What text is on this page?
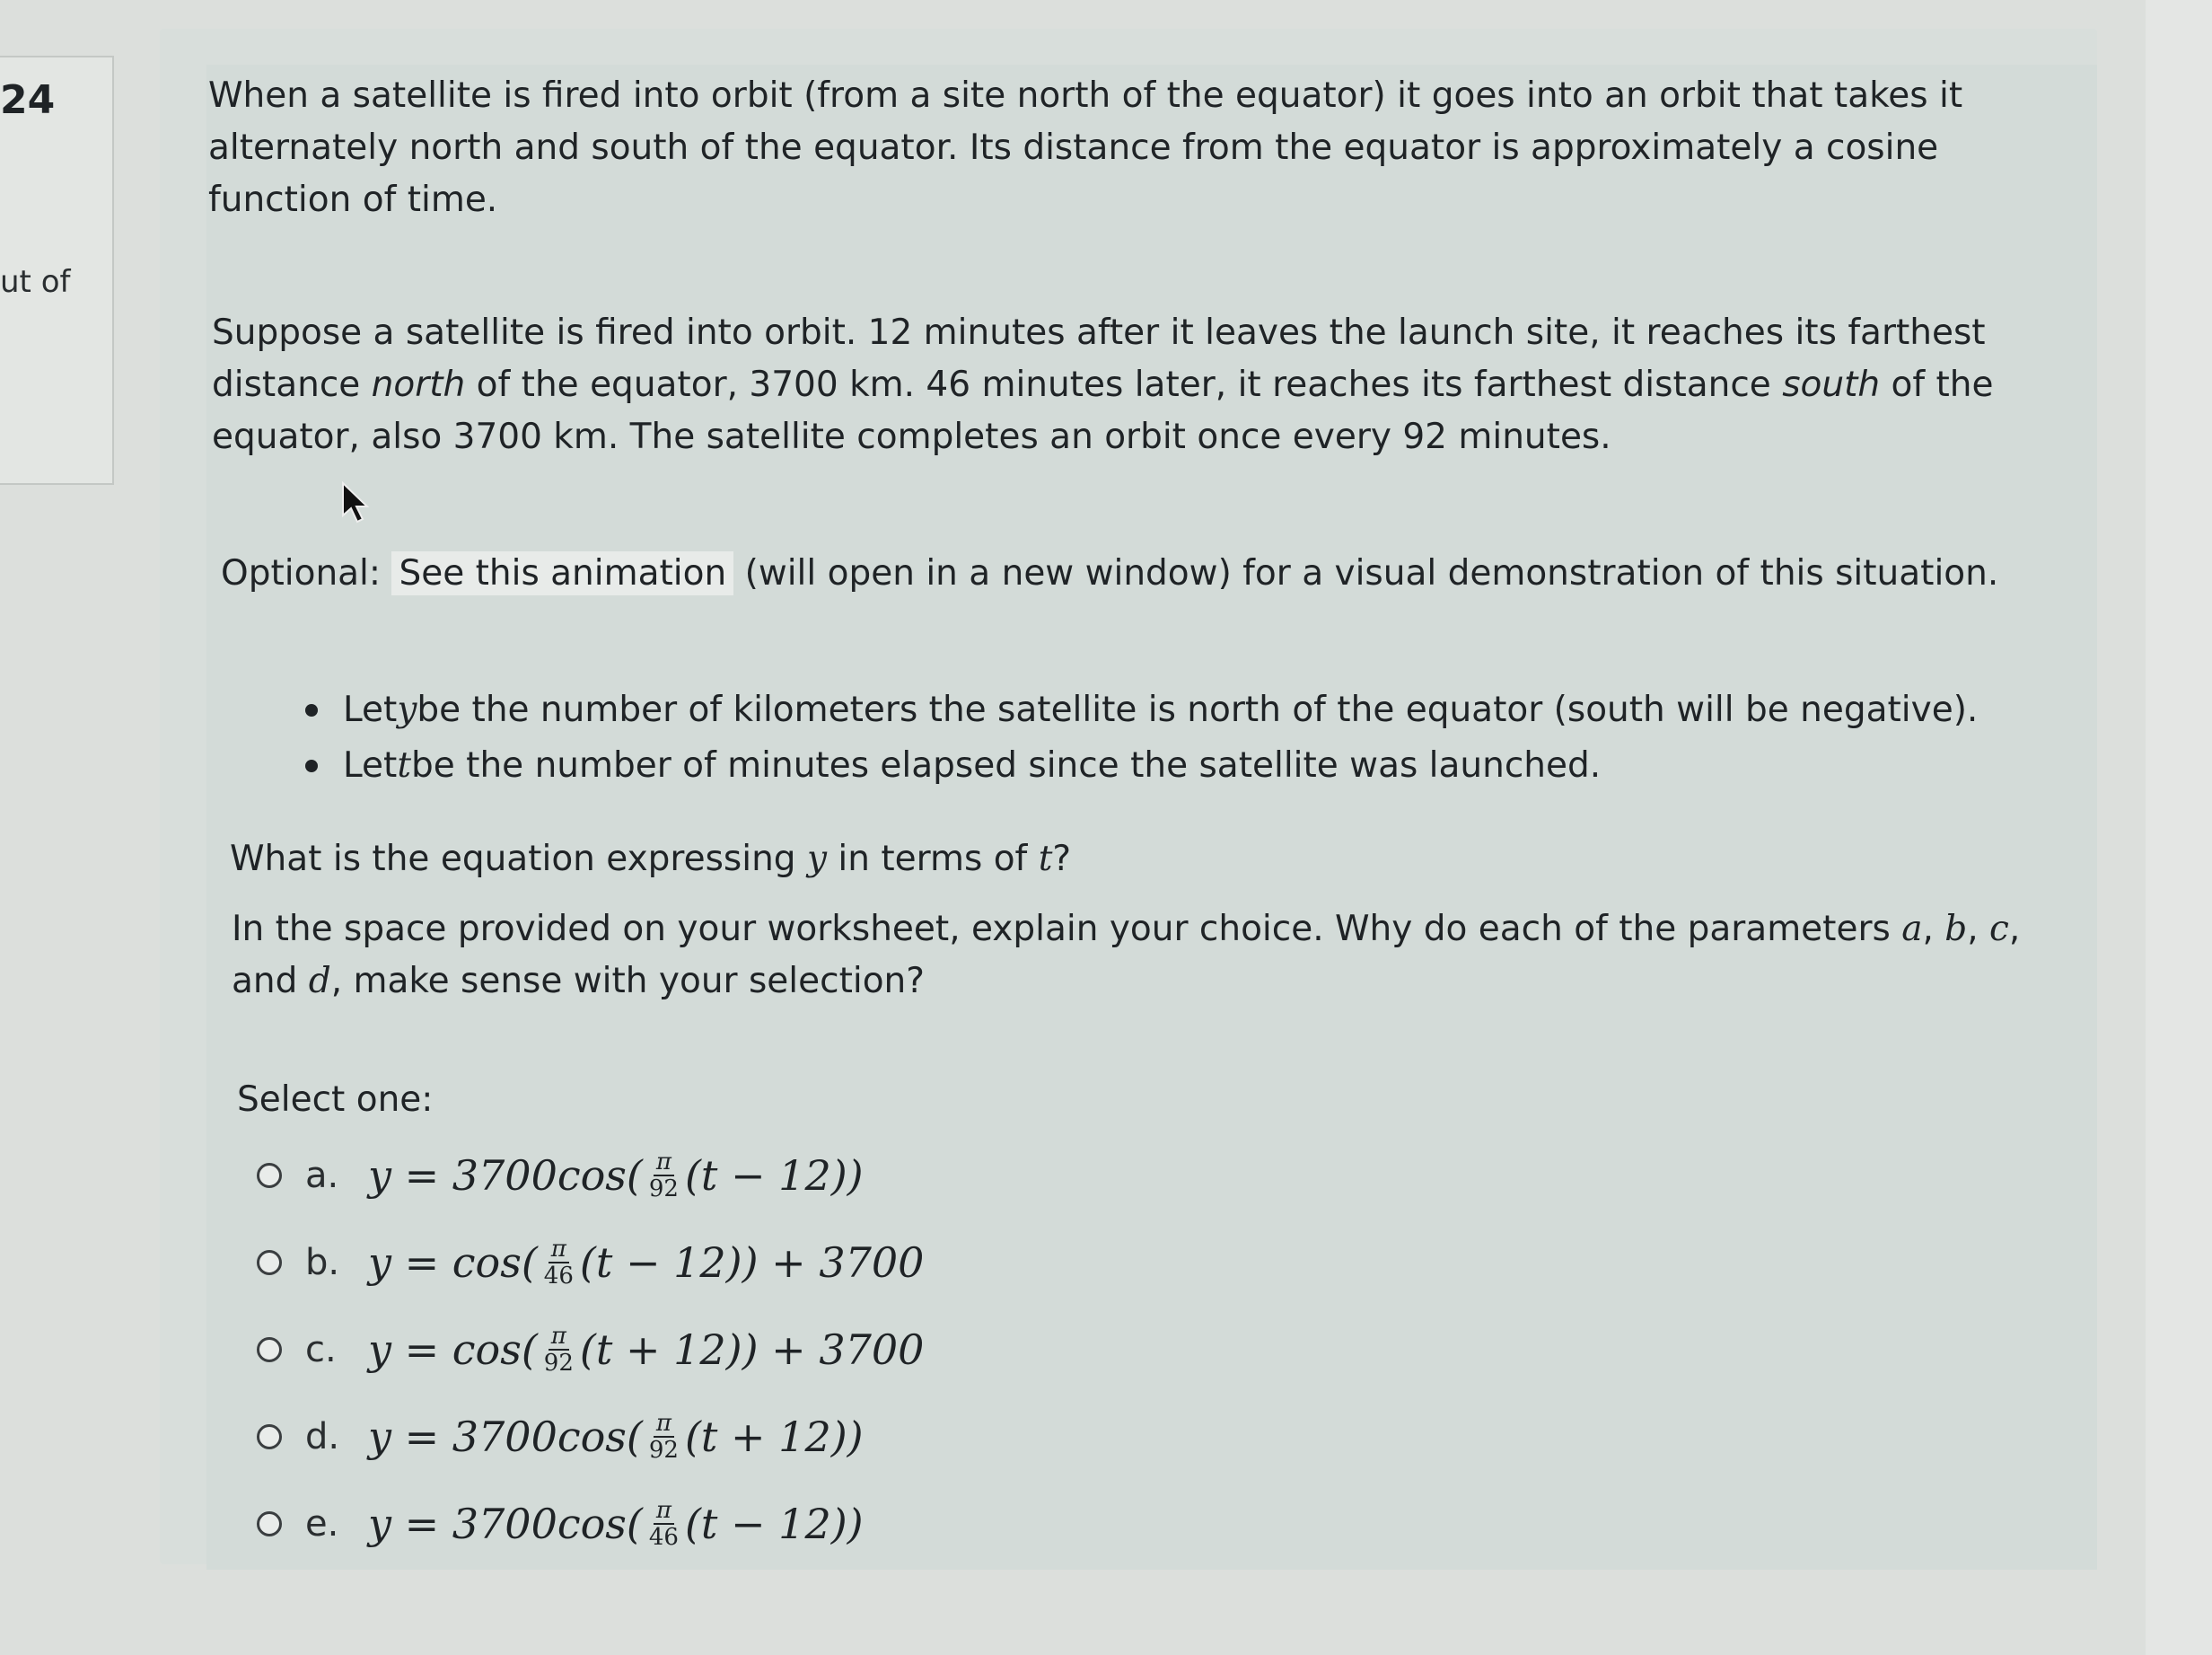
24
ut of
When a satellite is fired into orbit (from a site north of the equator) it goes into an orbit that takes it
alternately north and south of the equator. Its distance from the equator is approximately a cosine
function of time.
Suppose a satellite is fired into orbit. 12 minutes after it leaves the launch site, it reaches its farthest
distance north of the equator, 3700 km. 46 minutes later, it reaches its farthest distance south of the
equator, also 3700 km. The satellite completes an orbit once every 92 minutes.
Optional: See this animation (will open in a new window) for a visual demonstration of this situation.
Let y be the number of kilometers the satellite is north of the equator (south will be negative).
Let t be the number of minutes elapsed since the satellite was launched.
What is the equation expressing y in terms of t?
In the space provided on your worksheet, explain your choice. Why do each of the parameters a, b, c,
and d, make sense with your selection?
Select one:
a. $y = 3700\cos( \frac{\pi}{92} (t - 12))$
b. $y = \cos( \frac{\pi}{46} (t - 12)) + 3700$
c. $y = \cos( \frac{\pi}{92} (t + 12)) + 3700$
d. $y = 3700\cos( \frac{\pi}{92} (t + 12))$
e. $y = 3700\cos( \frac{\pi}{46} (t - 12))$
